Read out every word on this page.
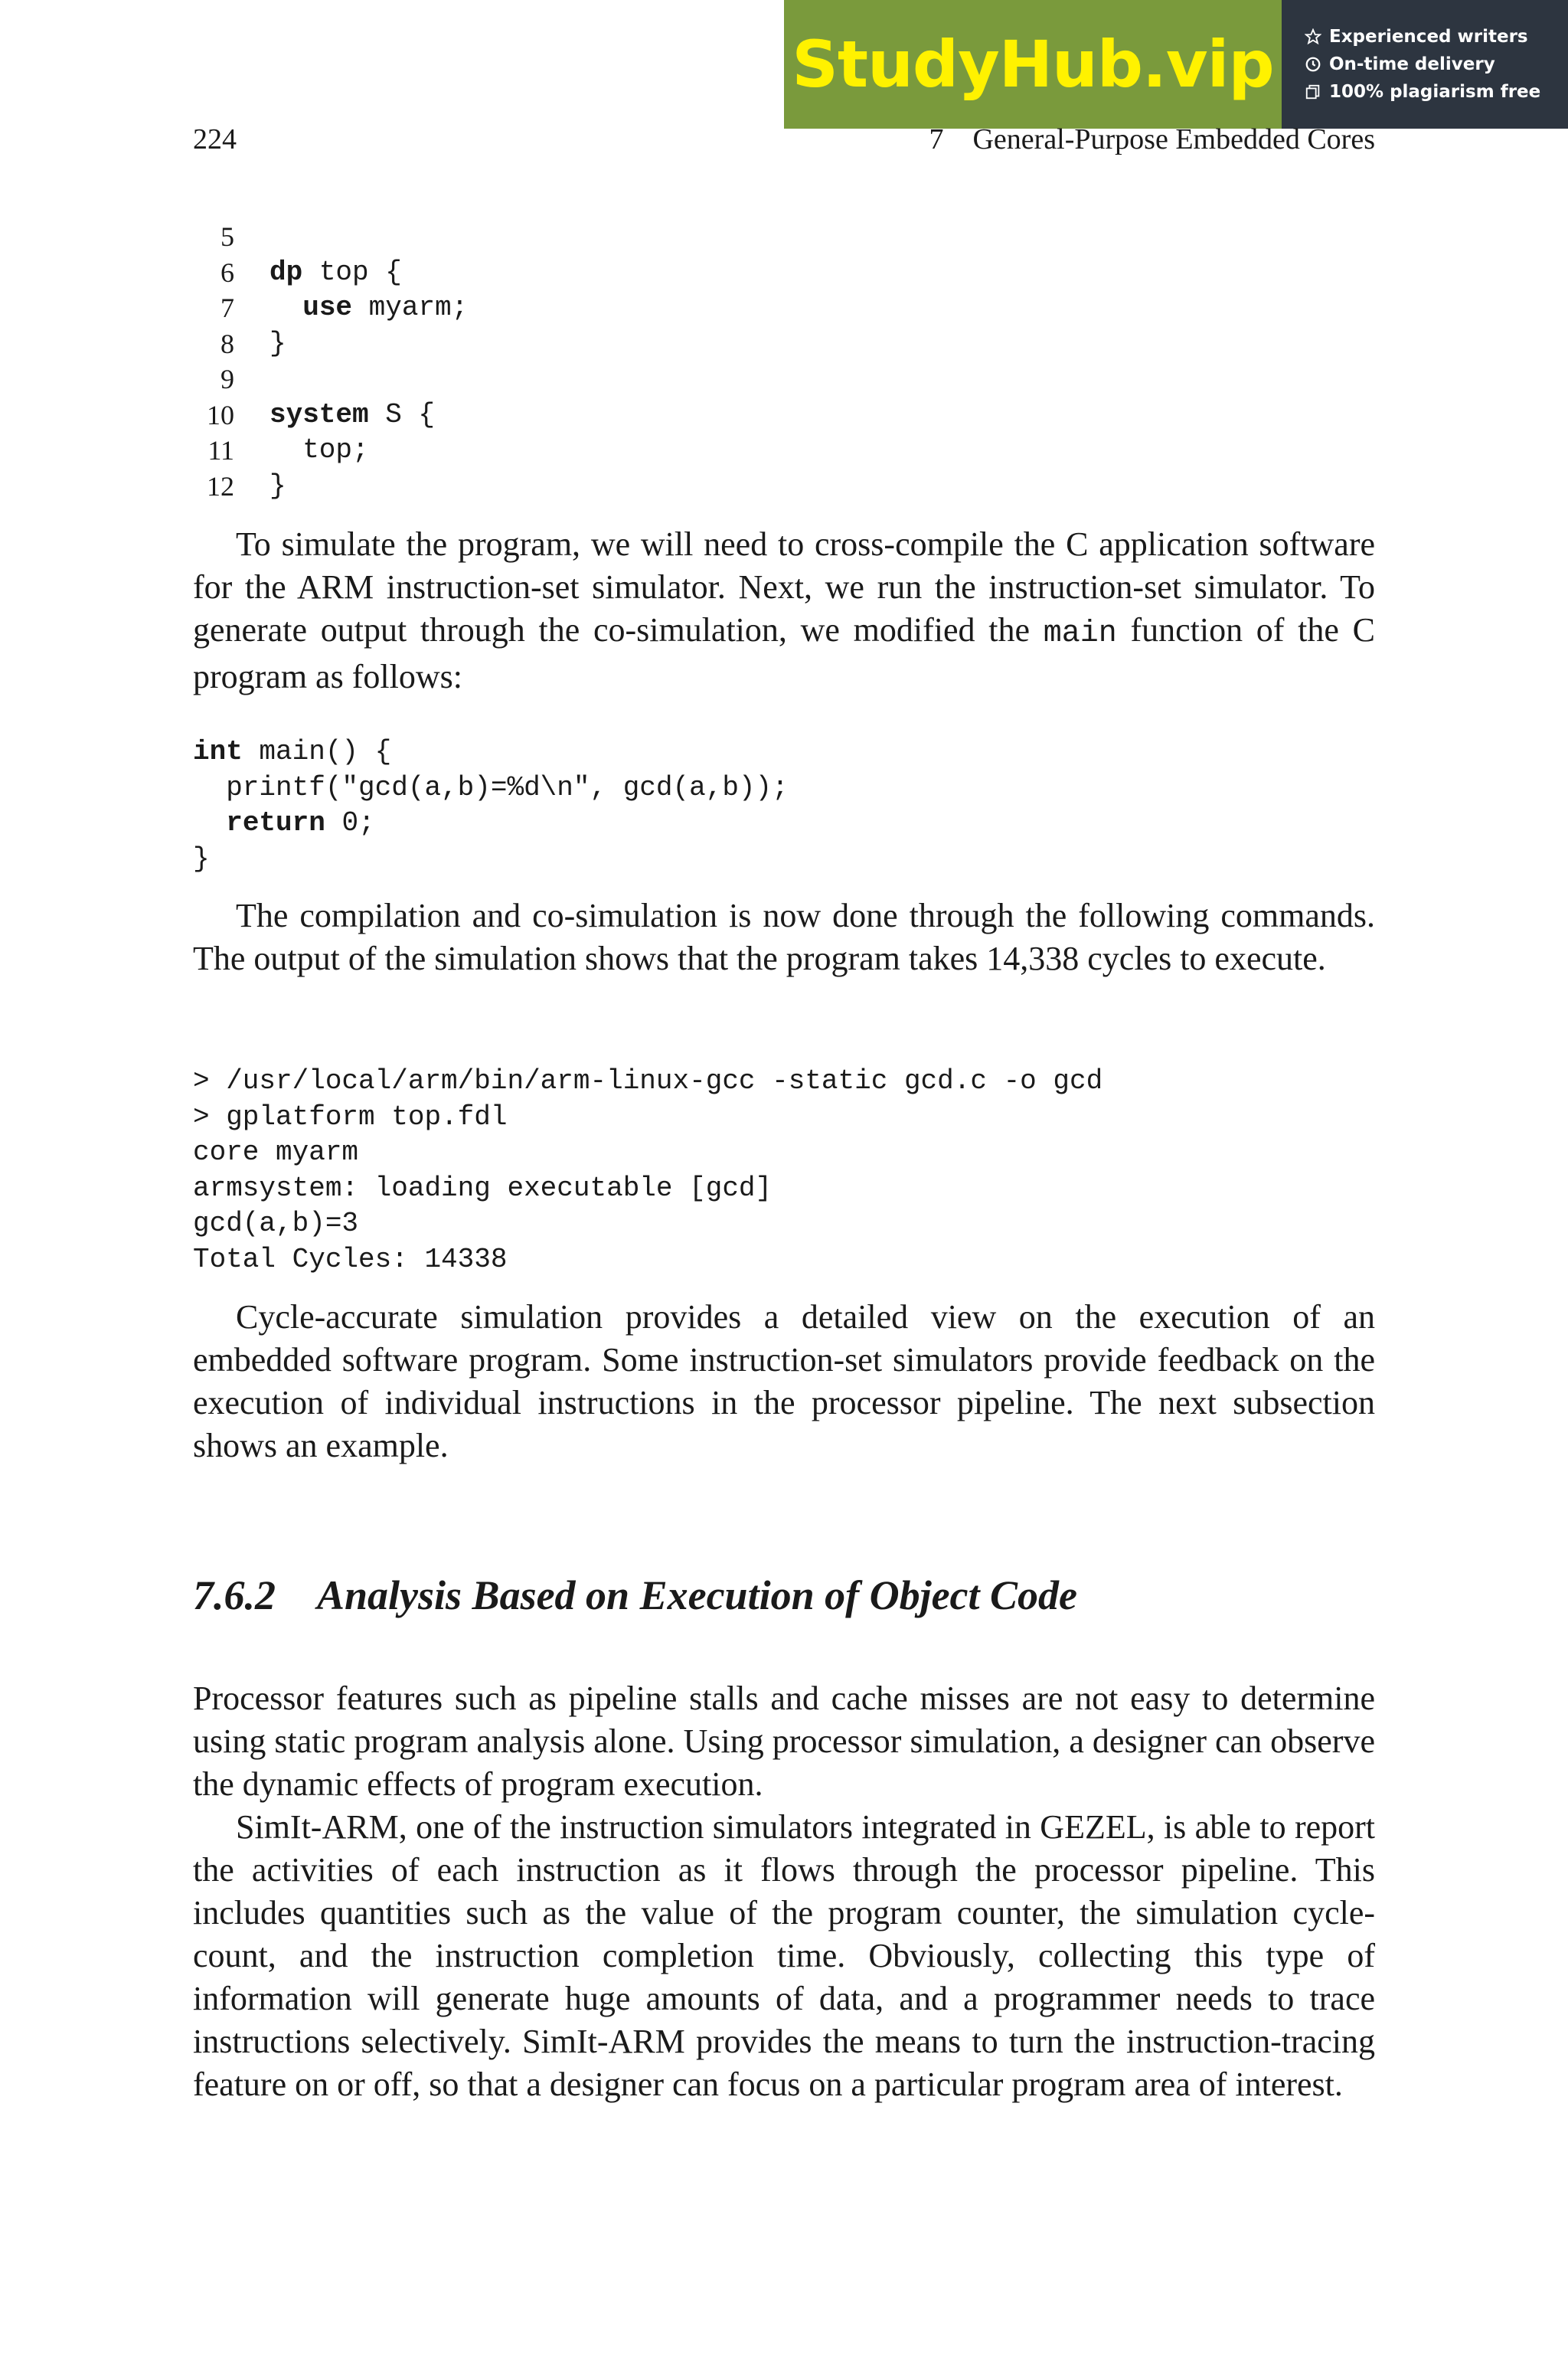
StudyHub.vip	Experienced writers
On-time delivery
100% plagiarism free
224	7 General-Purpose Embedded Cores
5
6 dp top {
7
use myarm;
8 }
9
10 system S {
11 top;
12 }

To simulate the program, we will need to cross-compile the C application software for the ARM instruction-set simulator. Next, we run the instruction-set simulator. To generate output through the co-simulation, we modified the main function of the C program as follows:

int main() {
printf("gcd(a,b)=%d\n", gcd(a,b));

return 0;
}

The compilation and co-simulation is now done through the following commands. The output of the simulation shows that the program takes 14,338 cycles to execute.

> /usr/local/arm/bin/arm-linux-gcc -static gcd.c -o gcd
> gplatform top.fdl
core myarm
armsystem: loading executable [gcd]
gcd(a,b)=3
Total Cycles: 14338

Cycle-accurate simulation provides a detailed view on the execution of an embedded software program. Some instruction-set simulators provide feedback on the execution of individual instructions in the processor pipeline. The next subsection shows an example.

7.6.2 Analysis Based on Execution of Object Code

Processor features such as pipeline stalls and cache misses are not easy to determine using static program analysis alone. Using processor simulation, a designer can observe the dynamic effects of program execution.

SimIt-ARM, one of the instruction simulators integrated in GEZEL, is able to report the activities of each instruction as it flows through the processor pipeline. This includes quantities such as the value of the program counter, the simulation cycle-count, and the instruction completion time. Obviously, collecting this type of information will generate huge amounts of data, and a programmer needs to trace instructions selectively. SimIt-ARM provides the means to turn the instruction-tracing feature on or off, so that a designer can focus on a particular program area of interest.
